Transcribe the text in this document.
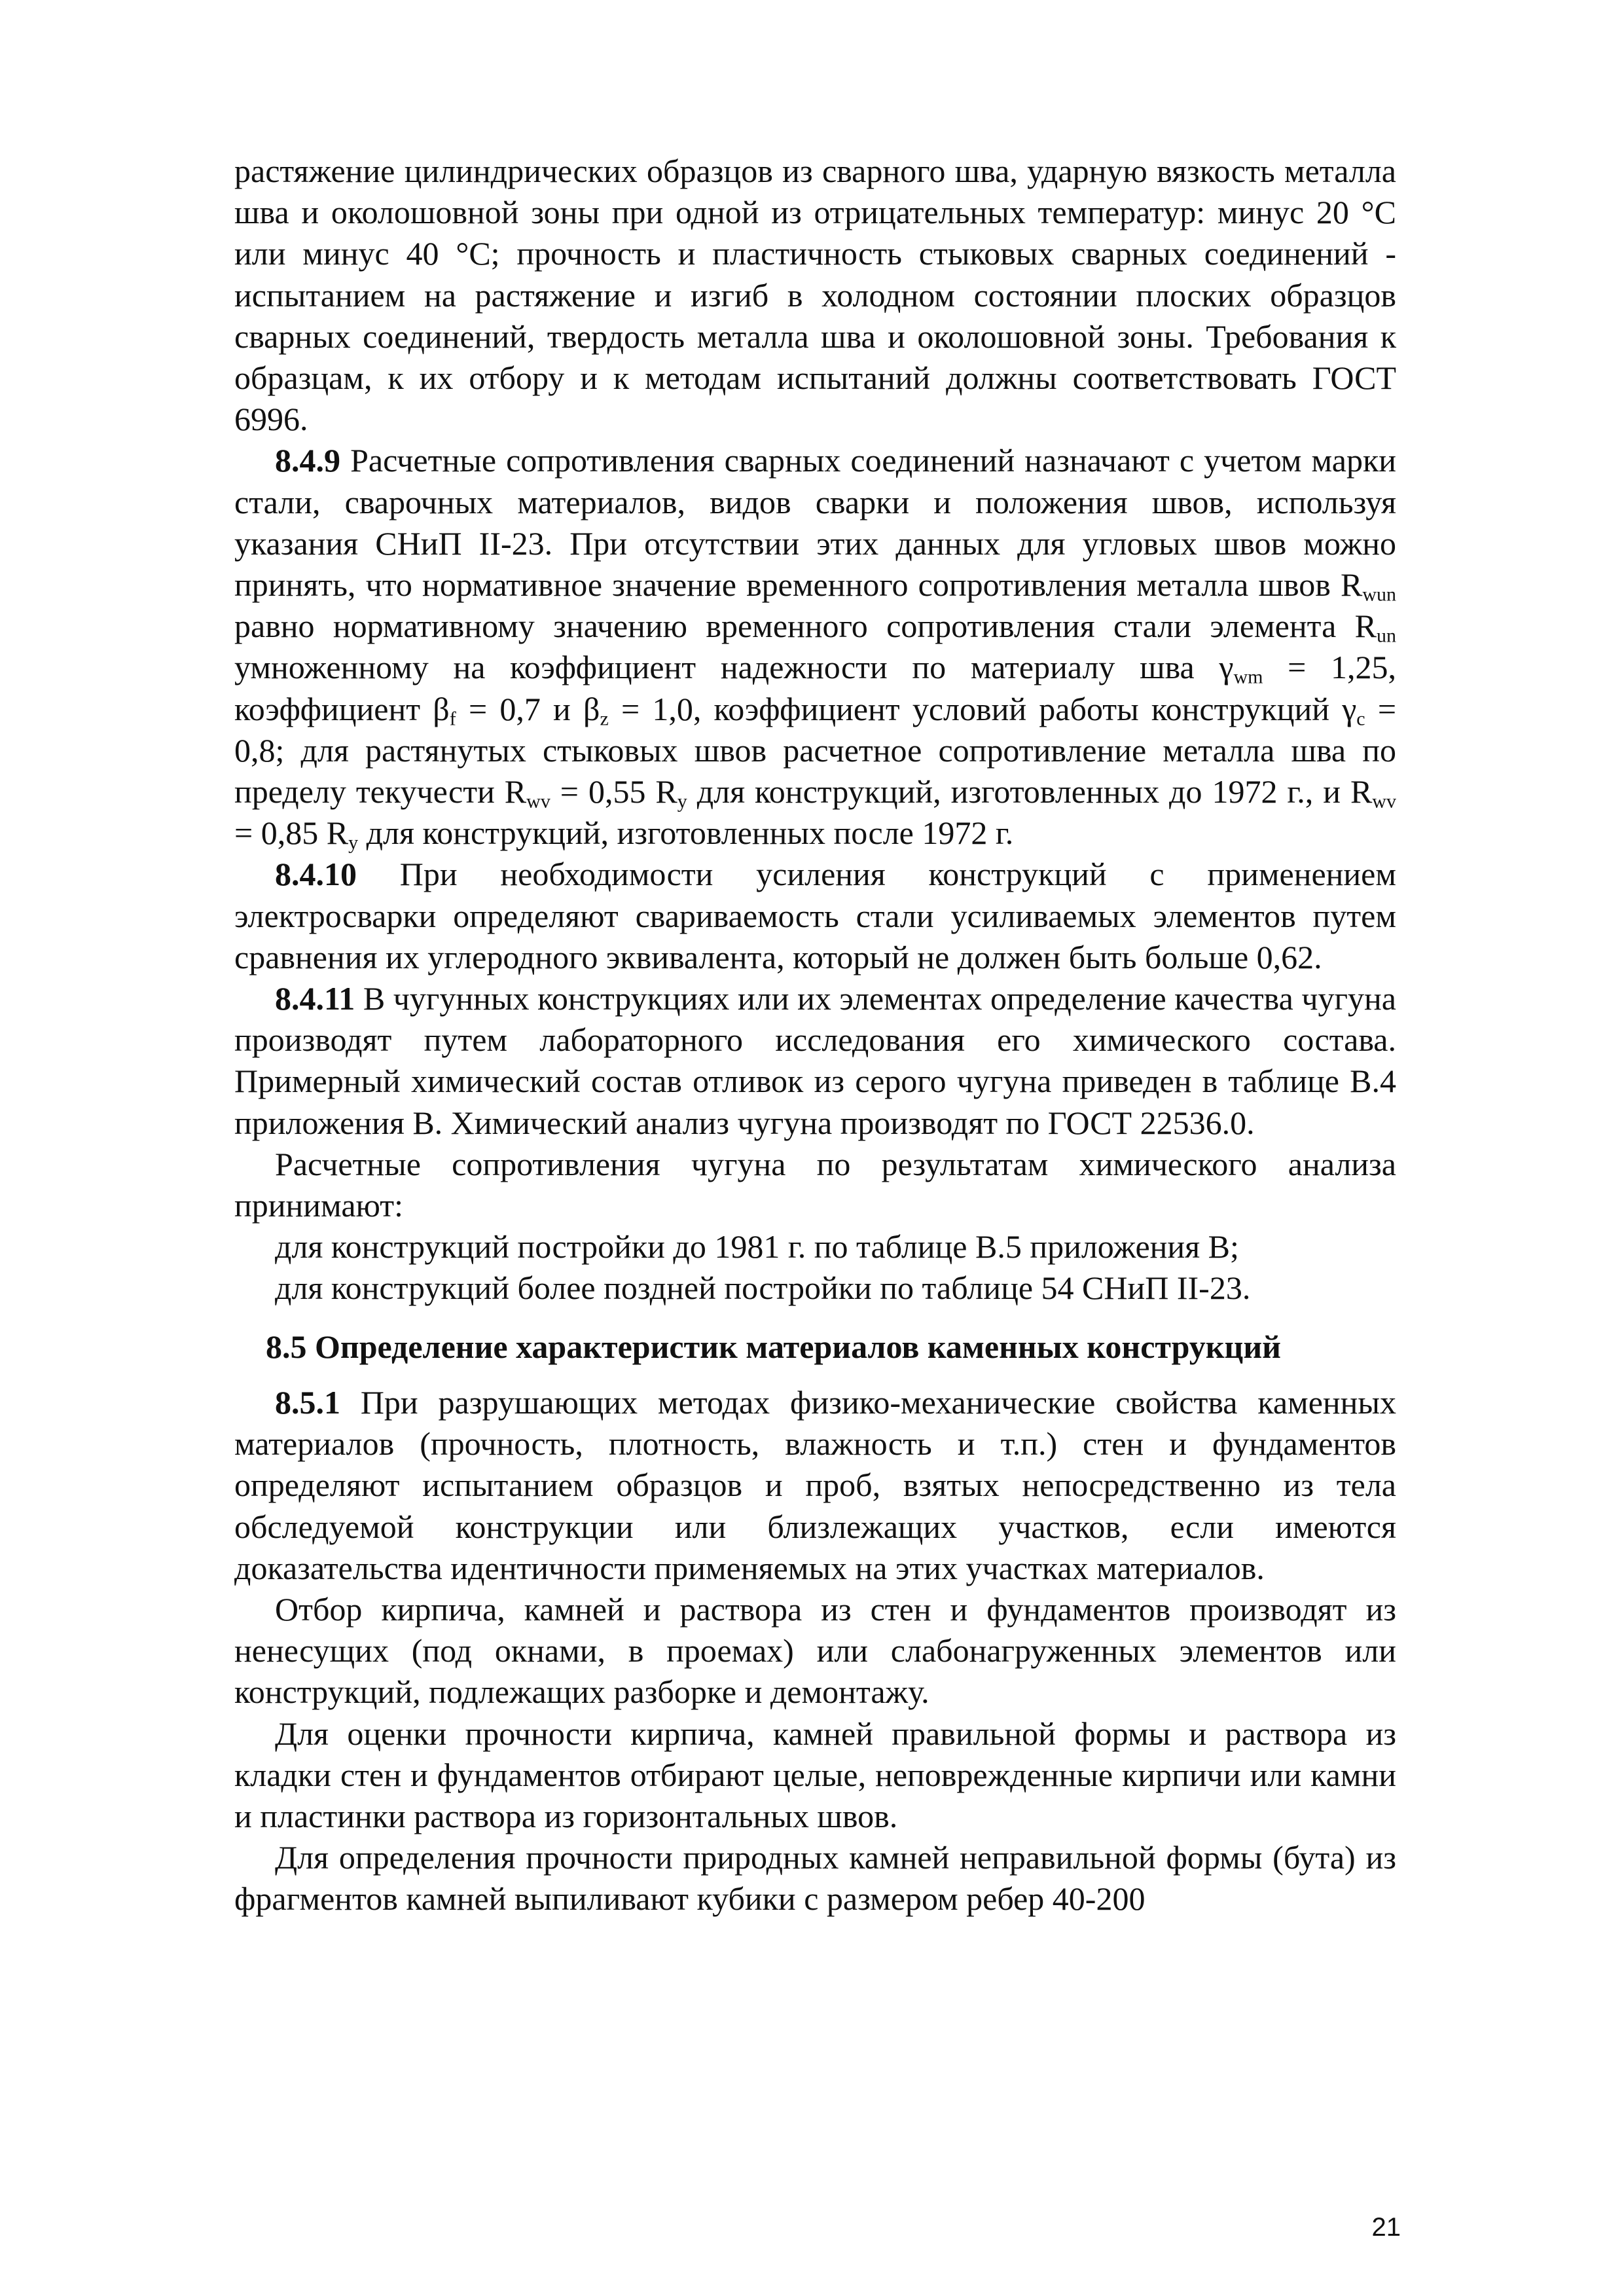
растяжение цилиндрических образцов из сварного шва, ударную вязкость металла шва и околошовной зоны при одной из отрицательных температур: минус 20 °С или минус 40 °С; прочность и пластичность стыковых сварных соединений - испытанием на растяжение и изгиб в холодном состоянии плоских образцов сварных соединений, твердость металла шва и околошовной зоны. Требования к образцам, к их отбору и к методам испытаний должны соответствовать ГОСТ 6996.

8.4.9 Расчетные сопротивления сварных соединений назначают с учетом марки стали, сварочных материалов, видов сварки и положения швов, используя указания СНиП II-23. При отсутствии этих данных для угловых швов можно принять, что нормативное значение временного сопротивления металла швов $R_{wun}$ равно нормативному значению временного сопротивления стали элемента $R_{un}$ умноженному на коэффициент надежности по материалу шва $\gamma_{wm} = 1,25$, коэффициент $\beta_f = 0,7$ и $\beta_z = 1,0$, коэффициент условий работы конструкций $\gamma_c = 0,8$; для растянутых стыковых швов расчетное сопротивление металла шва по пределу текучести $R_{wv} = 0,55$ $R_y$ для конструкций, изготовленных до 1972 г., и $R_{wv} = 0,85$ $R_y$ для конструкций, изготовленных после 1972 г.

8.4.10 При необходимости усиления конструкций с применением электросварки определяют свариваемость стали усиливаемых элементов путем сравнения их углеродного эквивалента, который не должен быть больше 0,62.

8.4.11 В чугунных конструкциях или их элементах определение качества чугуна производят путем лабораторного исследования его химического состава. Примерный химический состав отливок из серого чугуна приведен в таблице В.4 приложения В. Химический анализ чугуна производят по ГОСТ 22536.0.

Расчетные сопротивления чугуна по результатам химического анализа принимают:

для конструкций постройки до 1981 г. по таблице В.5 приложения В;

для конструкций более поздней постройки по таблице 54 СНиП II-23.

8.5 Определение характеристик материалов каменных конструкций

8.5.1 При разрушающих методах физико-механические свойства каменных материалов (прочность, плотность, влажность и т.п.) стен и фундаментов определяют испытанием образцов и проб, взятых непосредственно из тела обследуемой конструкции или близлежащих участков, если имеются доказательства идентичности применяемых на этих участках материалов.

Отбор кирпича, камней и раствора из стен и фундаментов производят из ненесущих (под окнами, в проемах) или слабонагруженных элементов или конструкций, подлежащих разборке и демонтажу.

Для оценки прочности кирпича, камней правильной формы и раствора из кладки стен и фундаментов отбирают целые, неповрежденные кирпичи или камни и пластинки раствора из горизонтальных швов.

Для определения прочности природных камней неправильной формы (бута) из фрагментов камней выпиливают кубики с размером ребер 40-200

21
